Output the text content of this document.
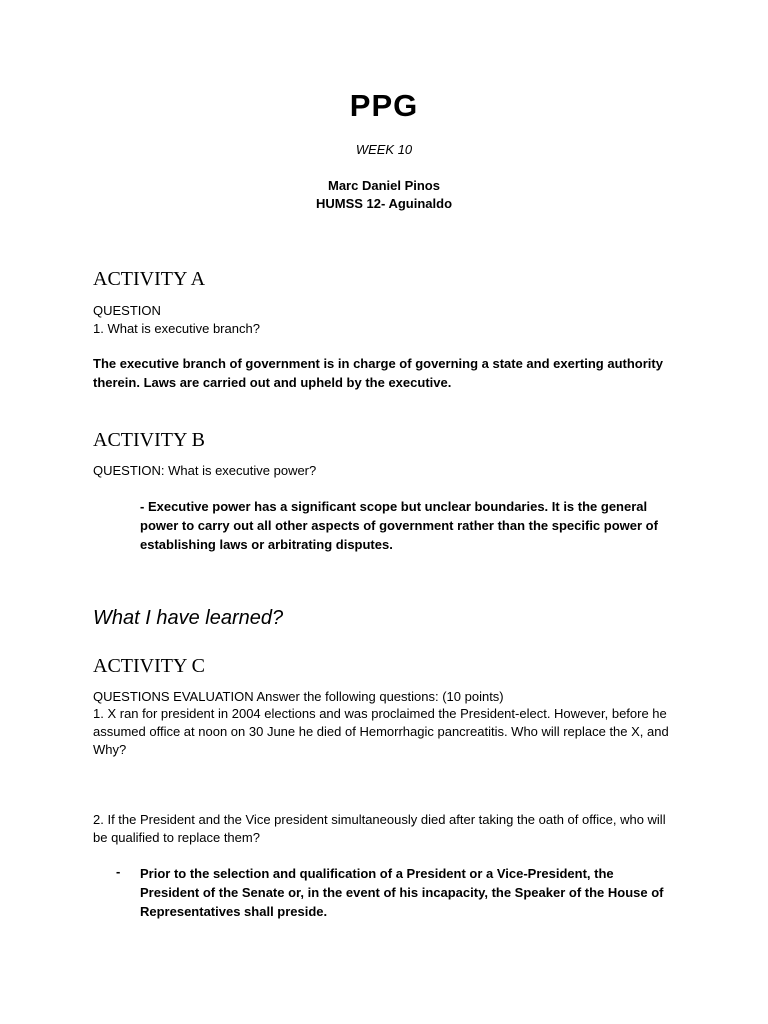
PPG
WEEK 10
Marc Daniel Pinos
HUMSS 12- Aguinaldo
ACTIVITY A
QUESTION
1. What is executive branch?
The executive branch of government is in charge of governing a state and exerting authority therein. Laws are carried out and upheld by the executive.
ACTIVITY B
QUESTION: What is executive power?
- Executive power has a significant scope but unclear boundaries. It is the general power to carry out all other aspects of government rather than the specific power of establishing laws or arbitrating disputes.
What I have learned?
ACTIVITY C
QUESTIONS EVALUATION Answer the following questions: (10 points)
1. X ran for president in 2004 elections and was proclaimed the President-elect. However, before he assumed office at noon on 30 June he died of Hemorrhagic pancreatitis. Who will replace the X, and Why?
2. If the President and the Vice president simultaneously died after taking the oath of office, who will be qualified to replace them?
- Prior to the selection and qualification of a President or a Vice-President, the President of the Senate or, in the event of his incapacity, the Speaker of the House of Representatives shall preside.
